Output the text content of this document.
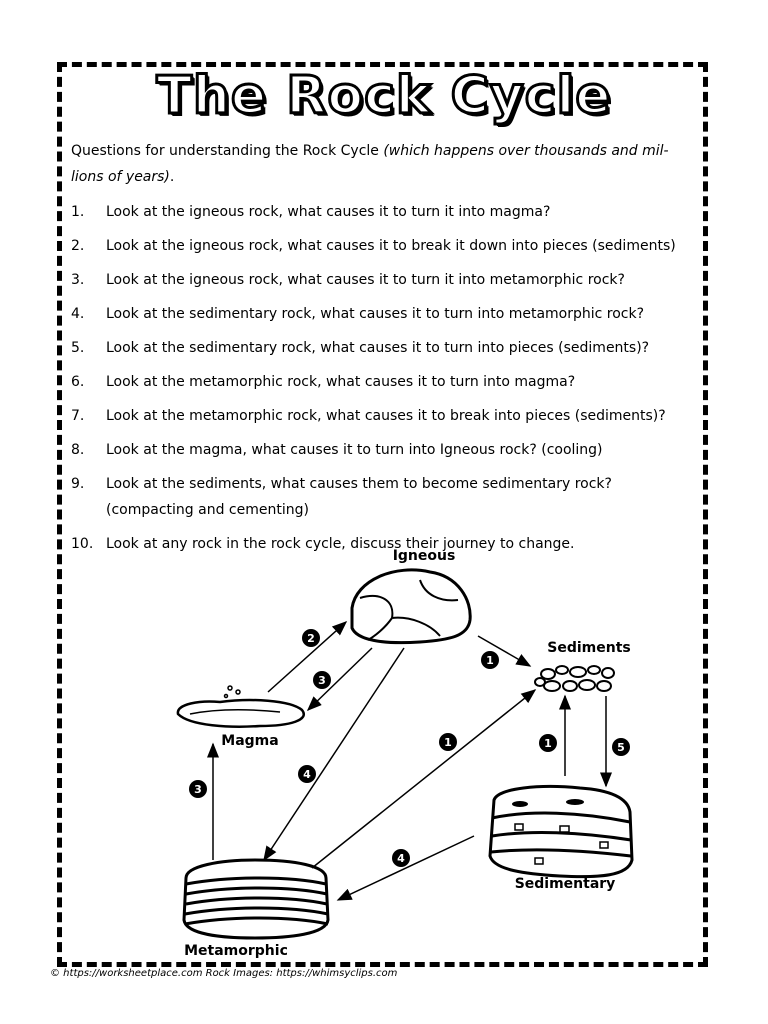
The Rock Cycle
Questions for understanding the Rock Cycle (which happens over thousands and mil-lions of years).
1. Look at the igneous rock, what causes it to turn it into magma?
2. Look at the igneous rock, what causes it to break it down into pieces (sediments)
3. Look at the igneous rock, what causes it to turn it into metamorphic rock?
4. Look at the sedimentary rock, what causes it to turn into metamorphic rock?
5. Look at the sedimentary rock, what causes it to turn into pieces (sediments)?
6. Look at the metamorphic rock, what causes it to turn into magma?
7. Look at the metamorphic rock, what causes it to break into pieces (sediments)?
8. Look at the magma, what causes it to turn into Igneous rock? (cooling)
9. Look at the sediments, what causes them to become sedimentary rock? (compacting and cementing)
10. Look at any rock in the rock cycle, discuss their journey to change.
Igneous
Sediments
Magma
Sedimentary
Metamorphic
2
3
1
4
1	1	5
4
3
© https://worksheetplace.com Rock Images: https://whimsyclips.com
